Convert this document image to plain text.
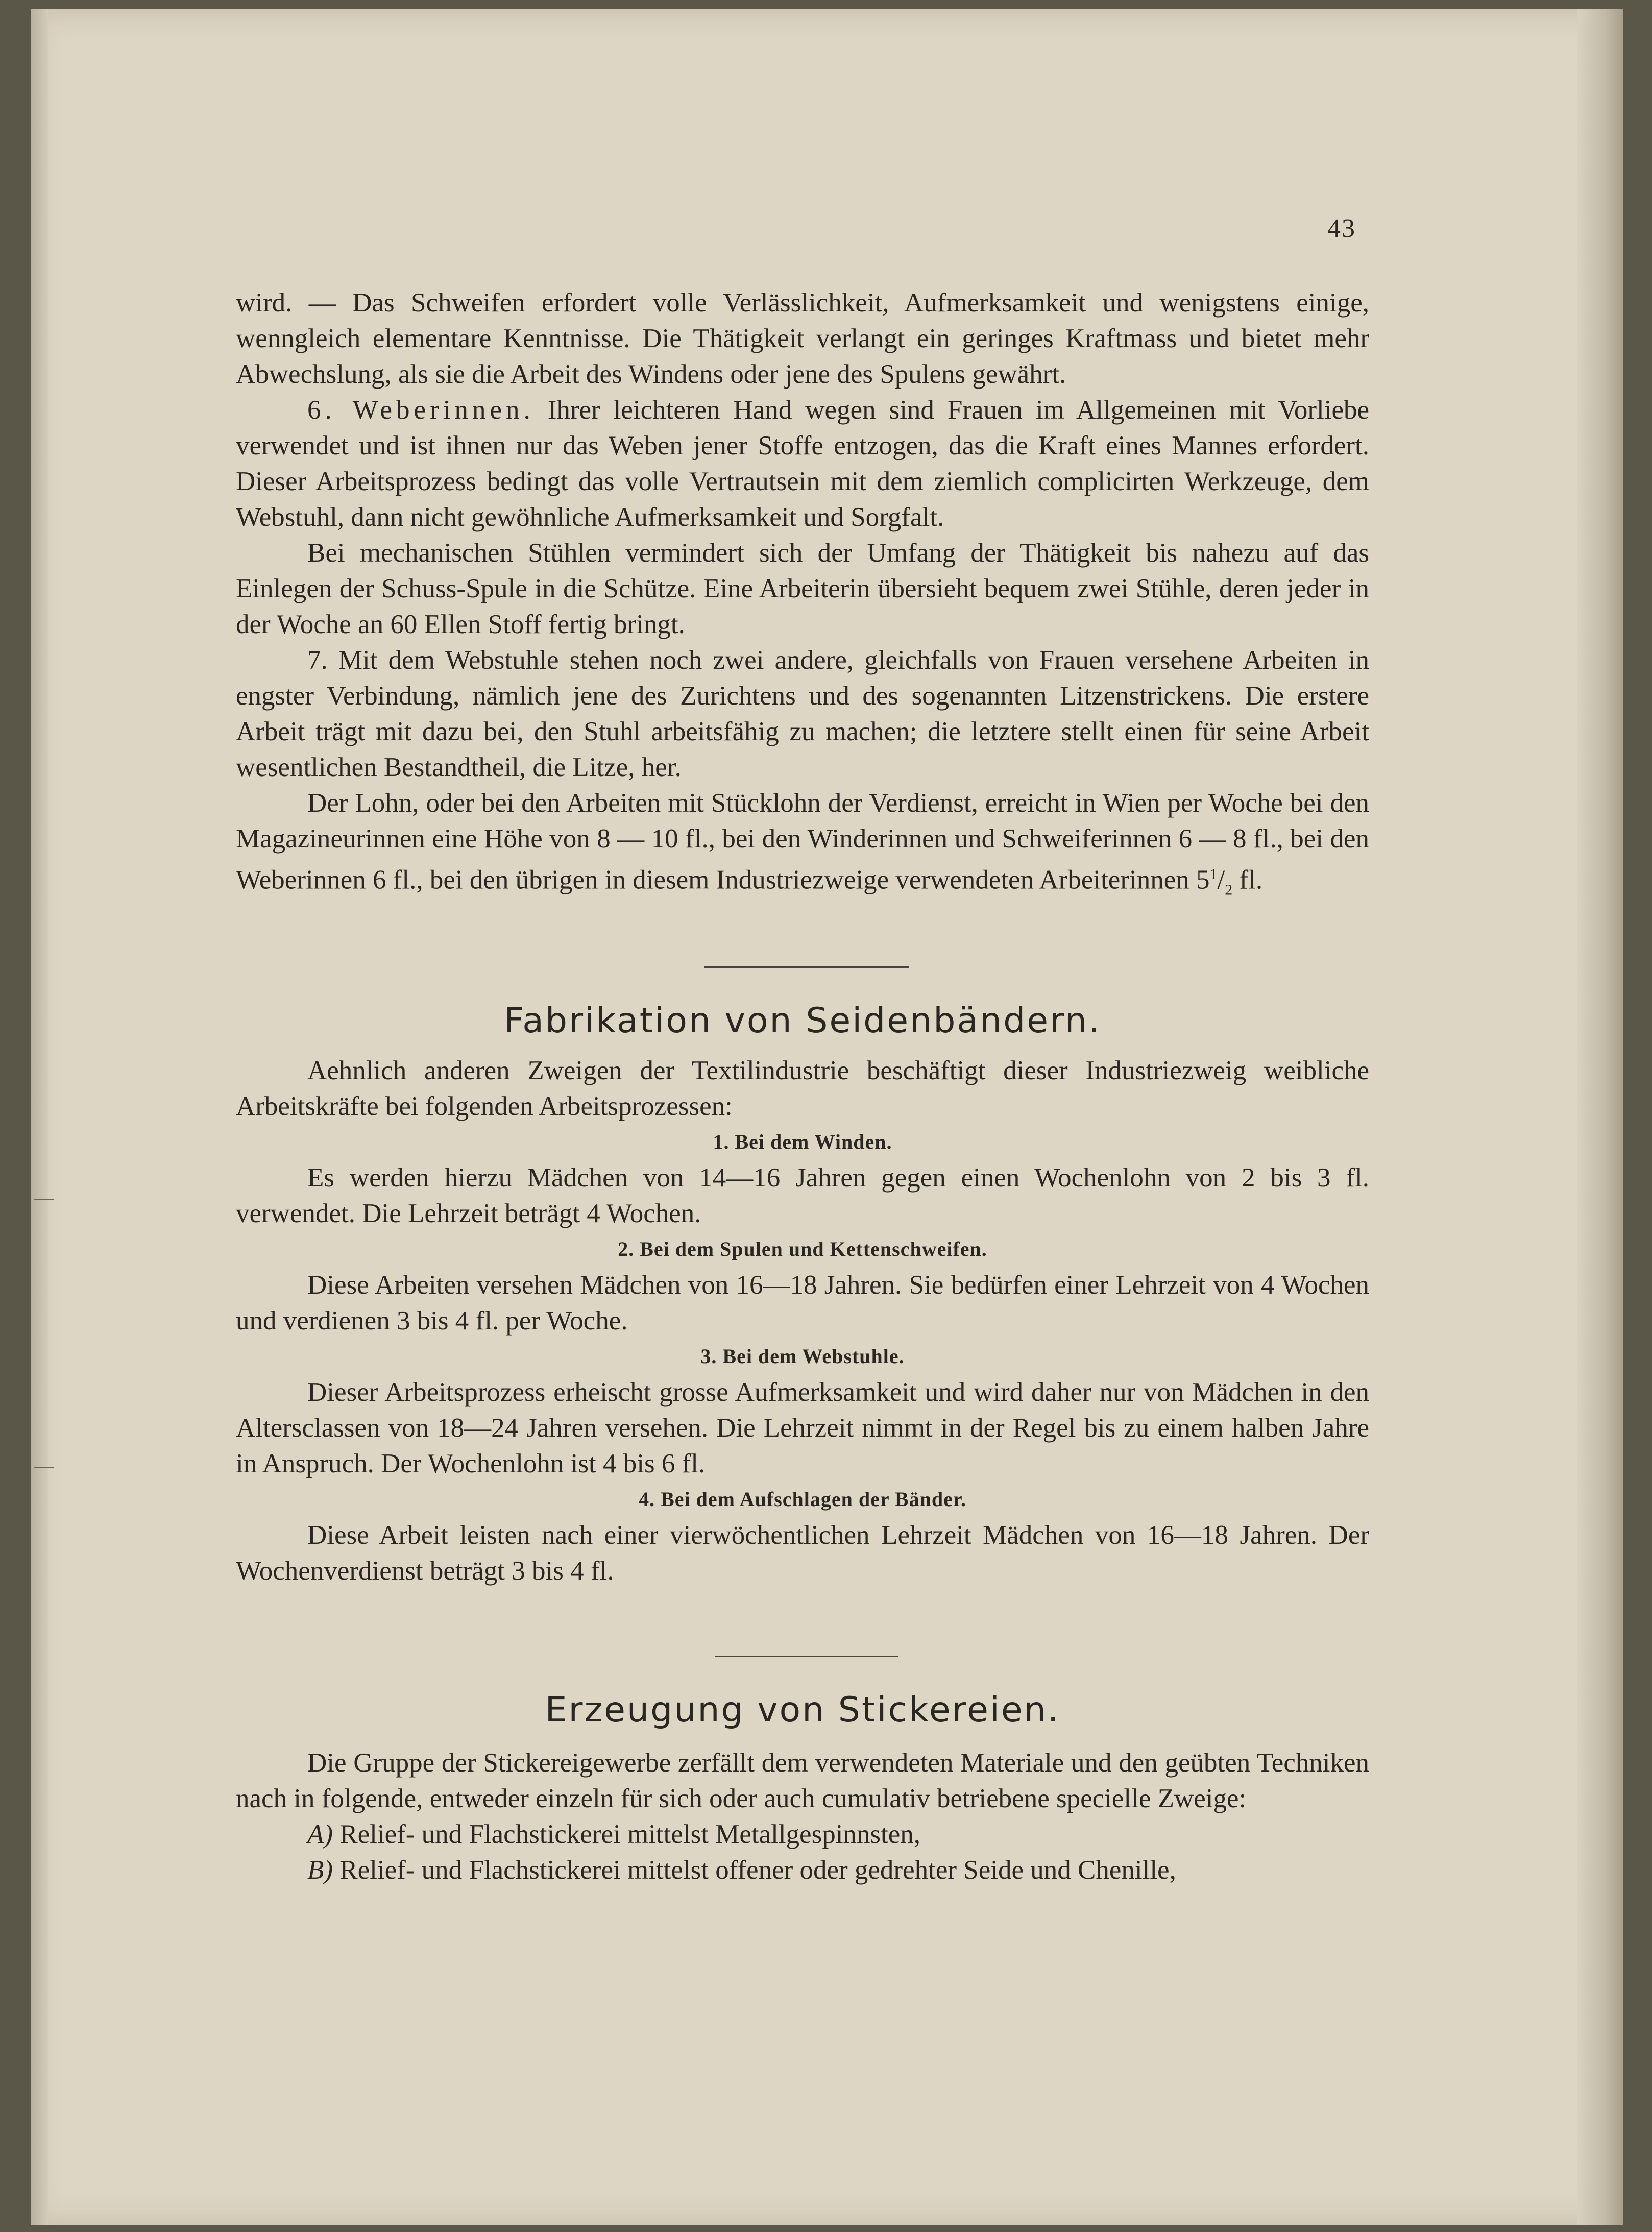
43

wird. — Das Schweifen erfordert volle Verlässlichkeit, Aufmerksamkeit und wenigstens einige, wenngleich elementare Kenntnisse. Die Thätigkeit verlangt ein geringes Kraftmass und bietet mehr Abwechslung, als sie die Arbeit des Windens oder jene des Spulens gewährt.

6. Weberinnen. Ihrer leichteren Hand wegen sind Frauen im Allgemeinen mit Vorliebe verwendet und ist ihnen nur das Weben jener Stoffe entzogen, das die Kraft eines Mannes erfordert. Dieser Arbeitsprozess bedingt das volle Vertrautsein mit dem ziemlich complicirten Werkzeuge, dem Webstuhl, dann nicht gewöhnliche Aufmerksamkeit und Sorgfalt.

Bei mechanischen Stühlen vermindert sich der Umfang der Thätigkeit bis nahezu auf das Einlegen der Schuss-Spule in die Schütze. Eine Arbeiterin übersieht bequem zwei Stühle, deren jeder in der Woche an 60 Ellen Stoff fertig bringt.

7. Mit dem Webstuhle stehen noch zwei andere, gleichfalls von Frauen versehene Arbeiten in engster Verbindung, nämlich jene des Zurichtens und des sogenannten Litzenstrickens. Die erstere Arbeit trägt mit dazu bei, den Stuhl arbeitsfähig zu machen; die letztere stellt einen für seine Arbeit wesentlichen Bestandtheil, die Litze, her.

Der Lohn, oder bei den Arbeiten mit Stücklohn der Verdienst, erreicht in Wien per Woche bei den Magazineurinnen eine Höhe von 8 — 10 fl., bei den Winderinnen und Schweiferinnen 6 — 8 fl., bei den Weberinnen 6 fl., bei den übrigen in diesem Industriezweige verwendeten Arbeiterinnen $5^1/_2$ fl.

Fabrikation von Seidenbändern.

Aehnlich anderen Zweigen der Textilindustrie beschäftigt dieser Industriezweig weibliche Arbeitskräfte bei folgenden Arbeitsprozessen:

1. Bei dem Winden.

Es werden hierzu Mädchen von 14—16 Jahren gegen einen Wochenlohn von 2 bis 3 fl. verwendet. Die Lehrzeit beträgt 4 Wochen.

2. Bei dem Spulen und Kettenschweifen.

Diese Arbeiten versehen Mädchen von 16—18 Jahren. Sie bedürfen einer Lehrzeit von 4 Wochen und verdienen 3 bis 4 fl. per Woche.

3. Bei dem Webstuhle.

Dieser Arbeitsprozess erheischt grosse Aufmerksamkeit und wird daher nur von Mädchen in den Altersclassen von 18—24 Jahren versehen. Die Lehrzeit nimmt in der Regel bis zu einem halben Jahre in Anspruch. Der Wochenlohn ist 4 bis 6 fl.

4. Bei dem Aufschlagen der Bänder.

Diese Arbeit leisten nach einer vierwöchentlichen Lehrzeit Mädchen von 16—18 Jahren. Der Wochenverdienst beträgt 3 bis 4 fl.

Erzeugung von Stickereien.

Die Gruppe der Stickereigewerbe zerfällt dem verwendeten Materiale und den geübten Techniken nach in folgende, entweder einzeln für sich oder auch cumulativ betriebene specielle Zweige:

A) Relief- und Flachstickerei mittelst Metallgespinnsten,

B) Relief- und Flachstickerei mittelst offener oder gedrehter Seide und Chenille,
